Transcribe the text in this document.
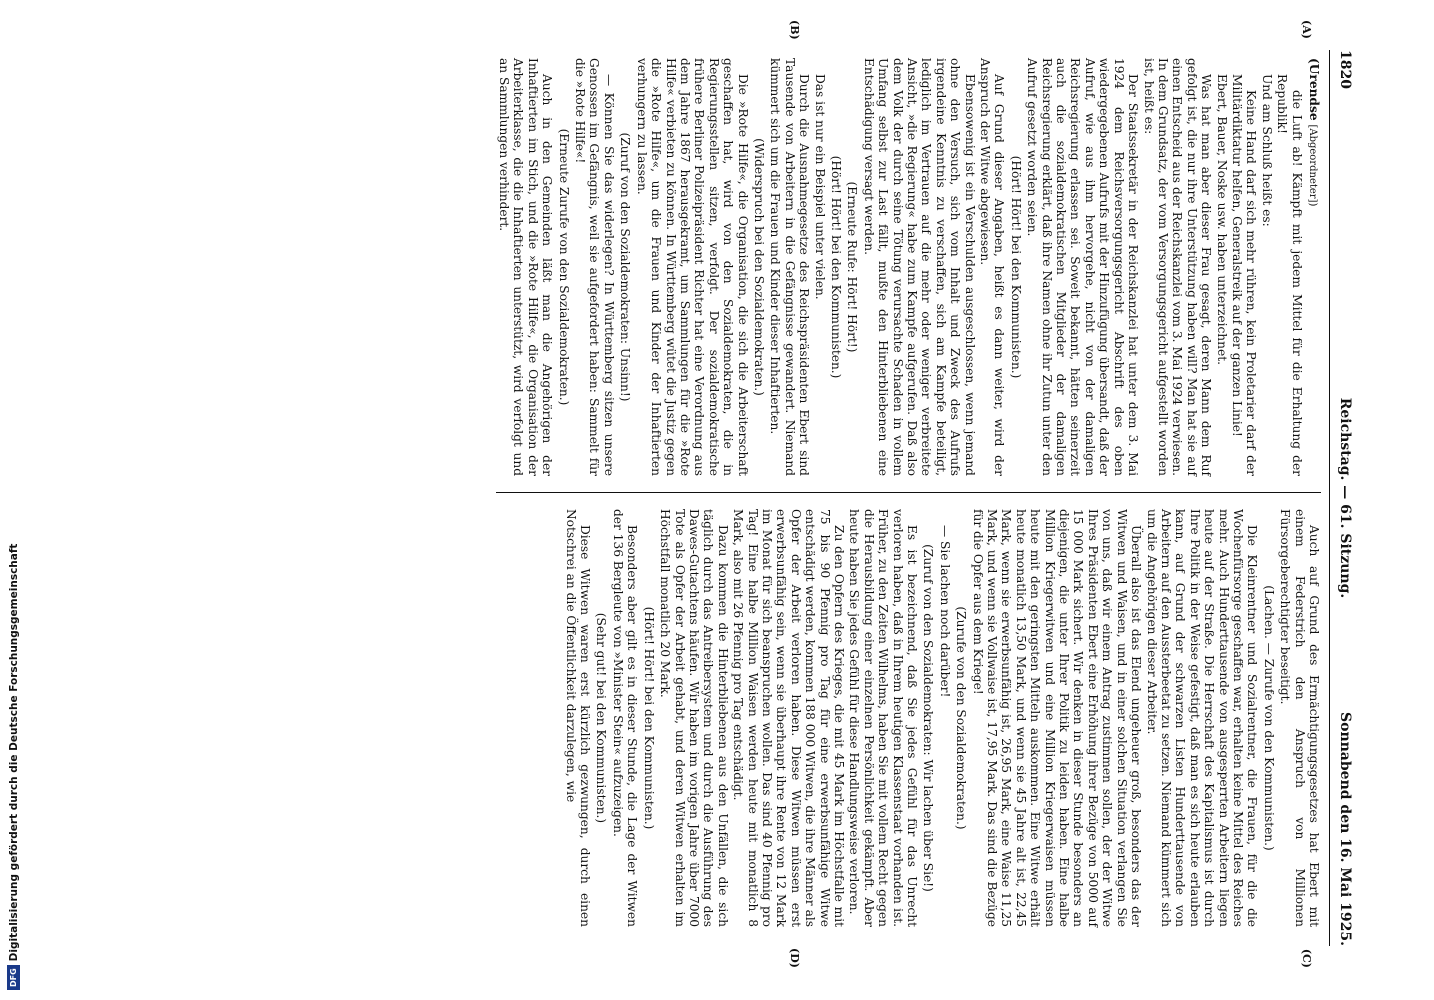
1820
Reichstag. — 61. Sitzung.
Sonnabend den 16. Mai 1925.
(Urendse [Abgeordneter])
die Luft ab! Kämpft mit jedem Mittel für die Erhaltung der Republik!
Und am Schluß heißt es:
Keine Hand darf sich mehr rühren, kein Proletarier darf der Militärdiktatur helfen, Generalstreik auf der ganzen Linie!
Ebert, Bauer, Noske usw. haben unterzeichnet.
Was hat man aber dieser Frau gesagt, deren Mann dem Ruf gefolgt ist, die nur ihre Unterstützung haben will? Man hat sie auf einen Entscheid aus der Reichskanzlei vom 3. Mai 1924 verwiesen. In dem Grundsatz, der vom Versorgungsgericht aufgestellt worden ist, heißt es:
Der Staatssekretär in der Reichskanzlei hat unter dem 3. Mai 1924 dem Reichsversorgungsgericht Abschrift des oben wiedergegebenen Aufrufs mit der Hinzufügung übersandt, daß der Aufruf, wie aus ihm hervorgehe, nicht von der damaligen Reichsregierung erlassen sei. Soweit bekannt, hätten seinerzeit auch die sozialdemokratischen Mitglieder der damaligen Reichsregierung erklärt, daß ihre Namen ohne ihr Zutun unter den Aufruf gesetzt worden seien.
(Hört! Hört! bei den Kommunisten.)
Auf Grund dieser Angaben, heißt es dann weiter, wird der Anspruch der Witwe abgewiesen.
Ebensowenig ist ein Verschulden ausgeschlossen, wenn jemand ohne den Versuch, sich vom Inhalt und Zweck des Aufrufs irgendeine Kenntnis zu verschaffen, sich am Kampfe beteiligt, lediglich im Vertrauen auf die mehr oder weniger verbreitete Ansicht, »die Regierung« habe zum Kampfe aufgerufen. Daß also dem Volk der durch seine Tötung verursachte Schaden in vollem Umfang selbst zur Last fällt, mußte den Hinterbliebenen eine Entschädigung versagt werden.
(Erneute Rufe: Hört! Hört!)
(Hört! Hört! bei den Kommunisten.)
Das ist nur ein Beispiel unter vielen.
Durch die Ausnahmegesetze des Reichspräsidenten Ebert sind Tausende von Arbeitern in die Gefängnisse gewandert. Niemand kümmert sich um die Frauen und Kinder dieser Inhaftierten.
(Widerspruch bei den Sozialdemokraten.)
Die »Rote Hilfe«, die Organisation, die sich die Arbeiterschaft geschaffen hat, wird von den Sozialdemokraten, die in Regierungsstellen sitzen, verfolgt. Der sozialdemokratische frühere Berliner Polizeipräsident Richter hat eine Verordnung aus dem Jahre 1867 herausgekramt, um Sammlungen für die »Rote Hilfe« verbieten zu können. In Württemberg wütet die Justiz gegen die »Rote Hilfe«, um die Frauen und Kinder der Inhaftierten verhungern zu lassen.
(Zuruf von den Sozialdemokraten: Unsinn!)
— Können Sie das widerlegen? In Württemberg sitzen unsere Genossen im Gefängnis, weil sie aufgefordert haben: Sammelt für die »Rote Hilfe«!
(Erneute Zurufe von den Sozialdemokraten.)
Auch in den Gemeinden läßt man die Angehörigen der Inhaftierten im Stich, und die »Rote Hilfe«, die Organisation der Arbeiterklasse, die die Inhaftierten unterstützt, wird verfolgt und an Sammlungen verhindert.
Auch auf Grund des Ermächtigungsgesetzes hat Ebert mit einem Federstrich den Anspruch von Millionen Fürsorgeberechtigter beseitigt.
(Lachen. — Zurufe von den Kommunisten.)
Die Kleinrentner und Sozialrentner, die Frauen, für die die Wochenfürsorge geschaffen war, erhalten keine Mittel des Reiches mehr. Auch Hunderttausende von ausgesperrten Arbeitern liegen heute auf der Straße. Die Herrschaft des Kapitalismus ist durch Ihre Politik in der Weise gefestigt, daß man es sich heute erlauben kann, auf Grund der schwarzen Listen Hunderttausende von Arbeitern auf den Aussterbeetat zu setzen. Niemand kümmert sich um die Angehörigen dieser Arbeiter.
Überall also ist das Elend ungeheuer groß, besonders das der Witwen und Waisen, und in einer solchen Situation verlangen Sie von uns, daß wir einem Antrag zustimmen sollen, der der Witwe Ihres Präsidenten Ebert eine Erhöhung ihrer Bezüge von 5000 auf 15 000 Mark sichert. Wir denken in dieser Stunde besonders an diejenigen, die unter Ihrer Politik zu leiden haben. Eine halbe Million Kriegerwitwen und eine Million Kriegerwaisen müssen heute mit den geringsten Mitteln auskommen. Eine Witwe erhält heute monatlich 13,50 Mark, und wenn sie 45 Jahre alt ist, 22,45 Mark, wenn sie erwerbsunfähig ist, 26,95 Mark, eine Waise 11,25 Mark, und wenn sie Vollwaise ist, 17,95 Mark. Das sind die Bezüge für die Opfer aus dem Kriege!
(Zurufe von den Sozialdemokraten.)
— Sie lachen noch darüber!
(Zuruf von den Sozialdemokraten: Wir lachen über Sie!)
Es ist bezeichnend, daß Sie jedes Gefühl für das Unrecht verloren haben, daß in Ihrem heutigen Klassenstaat vorhanden ist. Früher, zu den Zeiten Wilhelms, haben Sie mit vollem Recht gegen die Herausbildung einer einzelnen Persönlichkeit gekämpft. Aber heute haben Sie jedes Gefühl für diese Handlungsweise verloren.
Zu den Opfern des Krieges, die mit 45 Mark im Höchstfalle mit 75 bis 90 Pfennig pro Tag für eine erwerbsunfähige Witwe entschädigt werden, kommen 188 000 Witwen, die ihre Männer als Opfer der Arbeit verloren haben. Diese Witwen müssen erst erwerbsunfähig sein, wenn sie überhaupt ihre Rente von 12 Mark im Monat für sich beanspruchen wollen. Das sind 40 Pfennig pro Tag! Eine halbe Million Waisen werden heute mit monatlich 8 Mark, also mit 26 Pfennig pro Tag entschädigt.
Dazu kommen die Hinterbliebenen aus den Unfällen, die sich täglich durch das Antreibersystem und durch die Ausführung des Dawes-Gutachtens häufen. Wir haben im vorigen Jahre über 7000 Tote als Opfer der Arbeit gehabt, und deren Witwen erhalten im Höchstfall monatlich 20 Mark.
(Hört! Hört! bei den Kommunisten.)
Besonders aber gilt es in dieser Stunde, die Lage der Witwen der 136 Bergleute von »Minister Stein« aufzuzeigen.
(Sehr gut! bei den Kommunisten.)
Diese Witwen waren erst kürzlich gezwungen, durch einen Notschrei an die Öffentlichkeit darzulegen, wie
(A)
(B)
(C)
(D)
DFG
Digitalisierung gefördert durch die Deutsche Forschungsgemeinschaft
